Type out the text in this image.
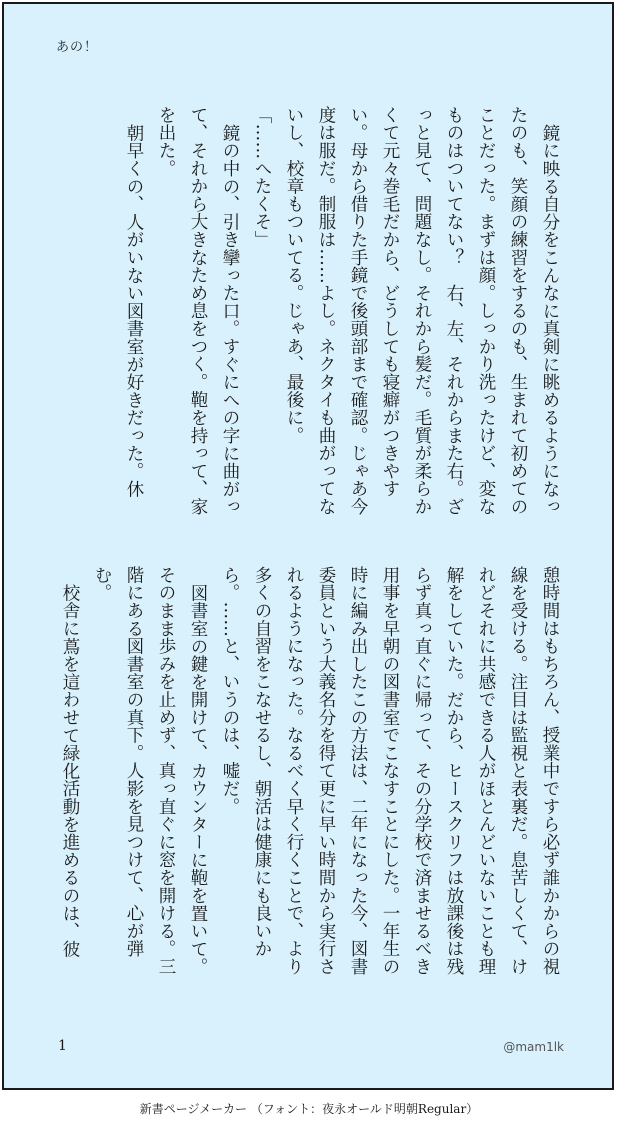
あの！

鏡に映る自分をこんなに真剣に眺めるようになったのも、笑顔の練習をするのも、生まれて初めてのことだった。まずは顔。しっかり洗ったけど、変なものはついてない？　右、左、それからまた右。ざっと見て、問題なし。それから髪だ。毛質が柔らかくて元々巻毛だから、どうしても寝癖がつきやすい。母から借りた手鏡で後頭部まで確認。じゃあ今度は服だ。制服は……よし。ネクタイも曲がってないし、校章もついてる。じゃあ、最後に。

「……へたくそ」

鏡の中の、引き攣った口。すぐにへの字に曲がって、それから大きなため息をつく。鞄を持って、家を出た。

朝早くの、人がいない図書室が好きだった。休

憩時間はもちろん、授業中ですら必ず誰かからの視線を受ける。注目は監視と表裏だ。息苦しくて、けれどそれに共感できる人がほとんどいないことも理解をしていた。だから、ヒースクリフは放課後は残らず真っ直ぐに帰って、その分学校で済ませるべき用事を早朝の図書室でこなすことにした。一年生の時に編み出したこの方法は、二年になった今、図書委員という大義名分を得て更に早い時間から実行されるようになった。なるべく早く行くことで、より多くの自習をこなせるし、朝活は健康にも良いから。……と、いうのは、嘘だ。

図書室の鍵を開けて、カウンターに鞄を置いて。そのまま歩みを止めず、真っ直ぐに窓を開ける。三階にある図書室の真下。人影を見つけて、心が弾む。

校舎に蔦を這わせて緑化活動を進めるのは、彼

1	@mam1lk
新書ページメーカー （フォント：夜永オールド明朝Regular）
